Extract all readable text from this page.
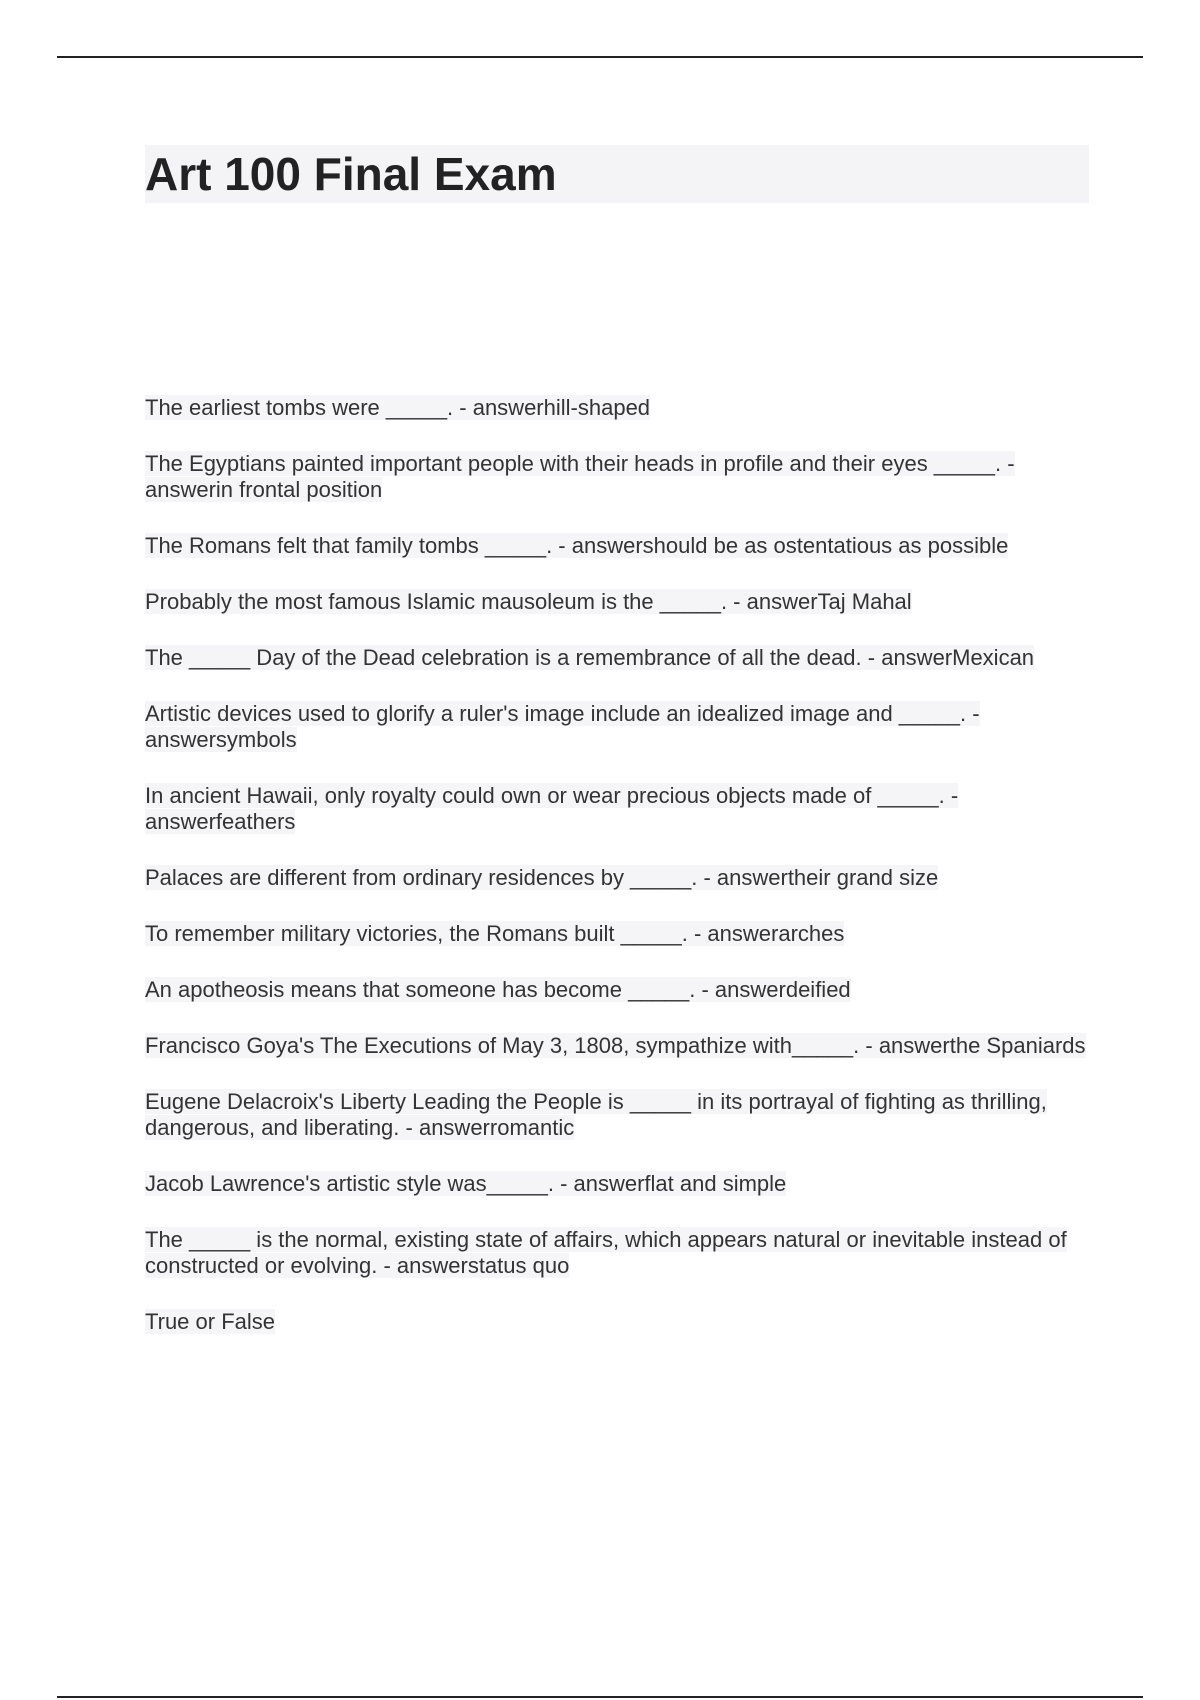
Art 100 Final Exam
The earliest tombs were _____. - answerhill-shaped
The Egyptians painted important people with their heads in profile and their eyes _____. - answerin frontal position
The Romans felt that family tombs _____. - answershould be as ostentatious as possible
Probably the most famous Islamic mausoleum is the _____. - answerTaj Mahal
The _____ Day of the Dead celebration is a remembrance of all the dead. - answerMexican
Artistic devices used to glorify a ruler's image include an idealized image and _____. - answersymbols
In ancient Hawaii, only royalty could own or wear precious objects made of _____. - answerfeathers
Palaces are different from ordinary residences by _____. - answertheir grand size
To remember military victories, the Romans built _____. - answerarches
An apotheosis means that someone has become _____. - answerdeified
Francisco Goya's The Executions of May 3, 1808, sympathize with_____. - answerthe Spaniards
Eugene Delacroix's Liberty Leading the People is _____ in its portrayal of fighting as thrilling, dangerous, and liberating. - answerromantic
Jacob Lawrence's artistic style was_____. - answerflat and simple
The _____ is the normal, existing state of affairs, which appears natural or inevitable instead of constructed or evolving. - answerstatus quo
True or False
